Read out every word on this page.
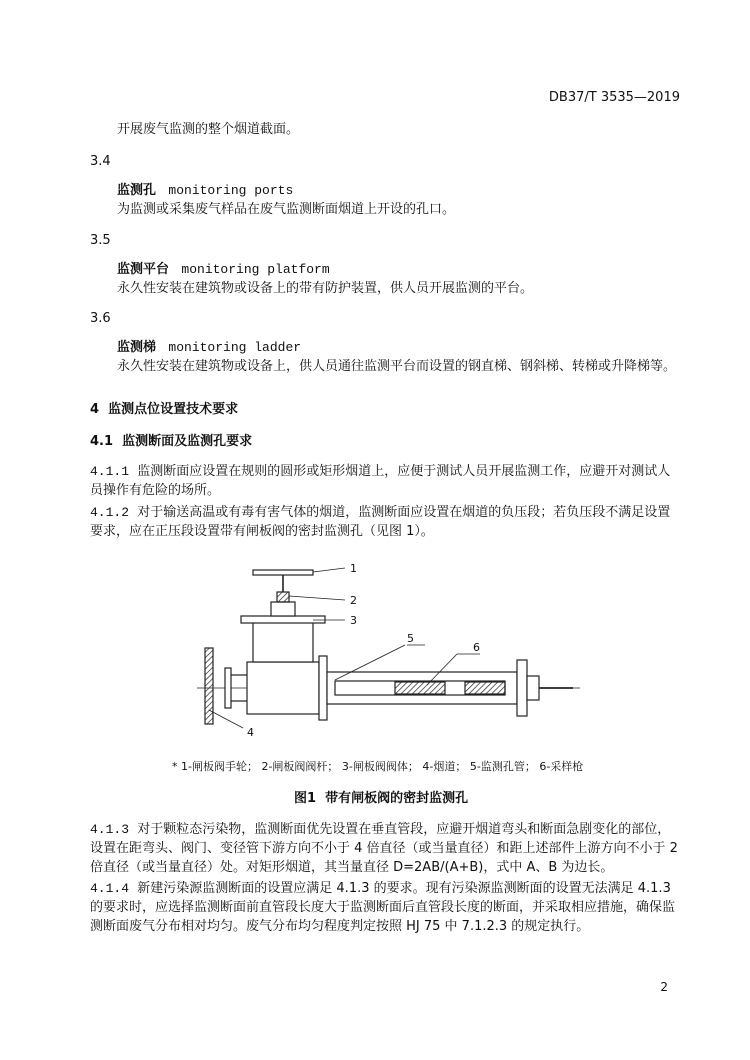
DB37/T 3535—2019
开展废气监测的整个烟道截面。
3.4
监测孔 monitoring ports
为监测或采集废气样品在废气监测断面烟道上开设的孔口。
3.5
监测平台 monitoring platform
永久性安装在建筑物或设备上的带有防护装置，供人员开展监测的平台。
3.6
监测梯 monitoring ladder
永久性安装在建筑物或设备上，供人员通往监测平台而设置的钢直梯、钢斜梯、转梯或升降梯等。
4 监测点位设置技术要求
4.1 监测断面及监测孔要求
4.1.1 监测断面应设置在规则的圆形或矩形烟道上，应便于测试人员开展监测工作，应避开对测试人
员操作有危险的场所。
4.1.2 对于输送高温或有毒有害气体的烟道，监测断面应设置在烟道的负压段；若负压段不满足设置
要求，应在正压段设置带有闸板阀的密封监测孔（见图 1）。
1
2
3
4
5
6
* 1-闸板阀手轮； 2-闸板阀阀杆； 3-闸板阀阀体； 4-烟道； 5-监测孔管； 6-采样枪
图1 带有闸板阀的密封监测孔
4.1.3 对于颗粒态污染物，监测断面优先设置在垂直管段，应避开烟道弯头和断面急剧变化的部位，
设置在距弯头、阀门、变径管下游方向不小于 4 倍直径（或当量直径）和距上述部件上游方向不小于 2
倍直径（或当量直径）处。对矩形烟道，其当量直径 D=2AB/(A+B)，式中 A、B 为边长。
4.1.4 新建污染源监测断面的设置应满足 4.1.3 的要求。现有污染源监测断面的设置无法满足 4.1.3
的要求时，应选择监测断面前直管段长度大于监测断面后直管段长度的断面，并采取相应措施，确保监
测断面废气分布相对均匀。废气分布均匀程度判定按照 HJ 75 中 7.1.2.3 的规定执行。
2
